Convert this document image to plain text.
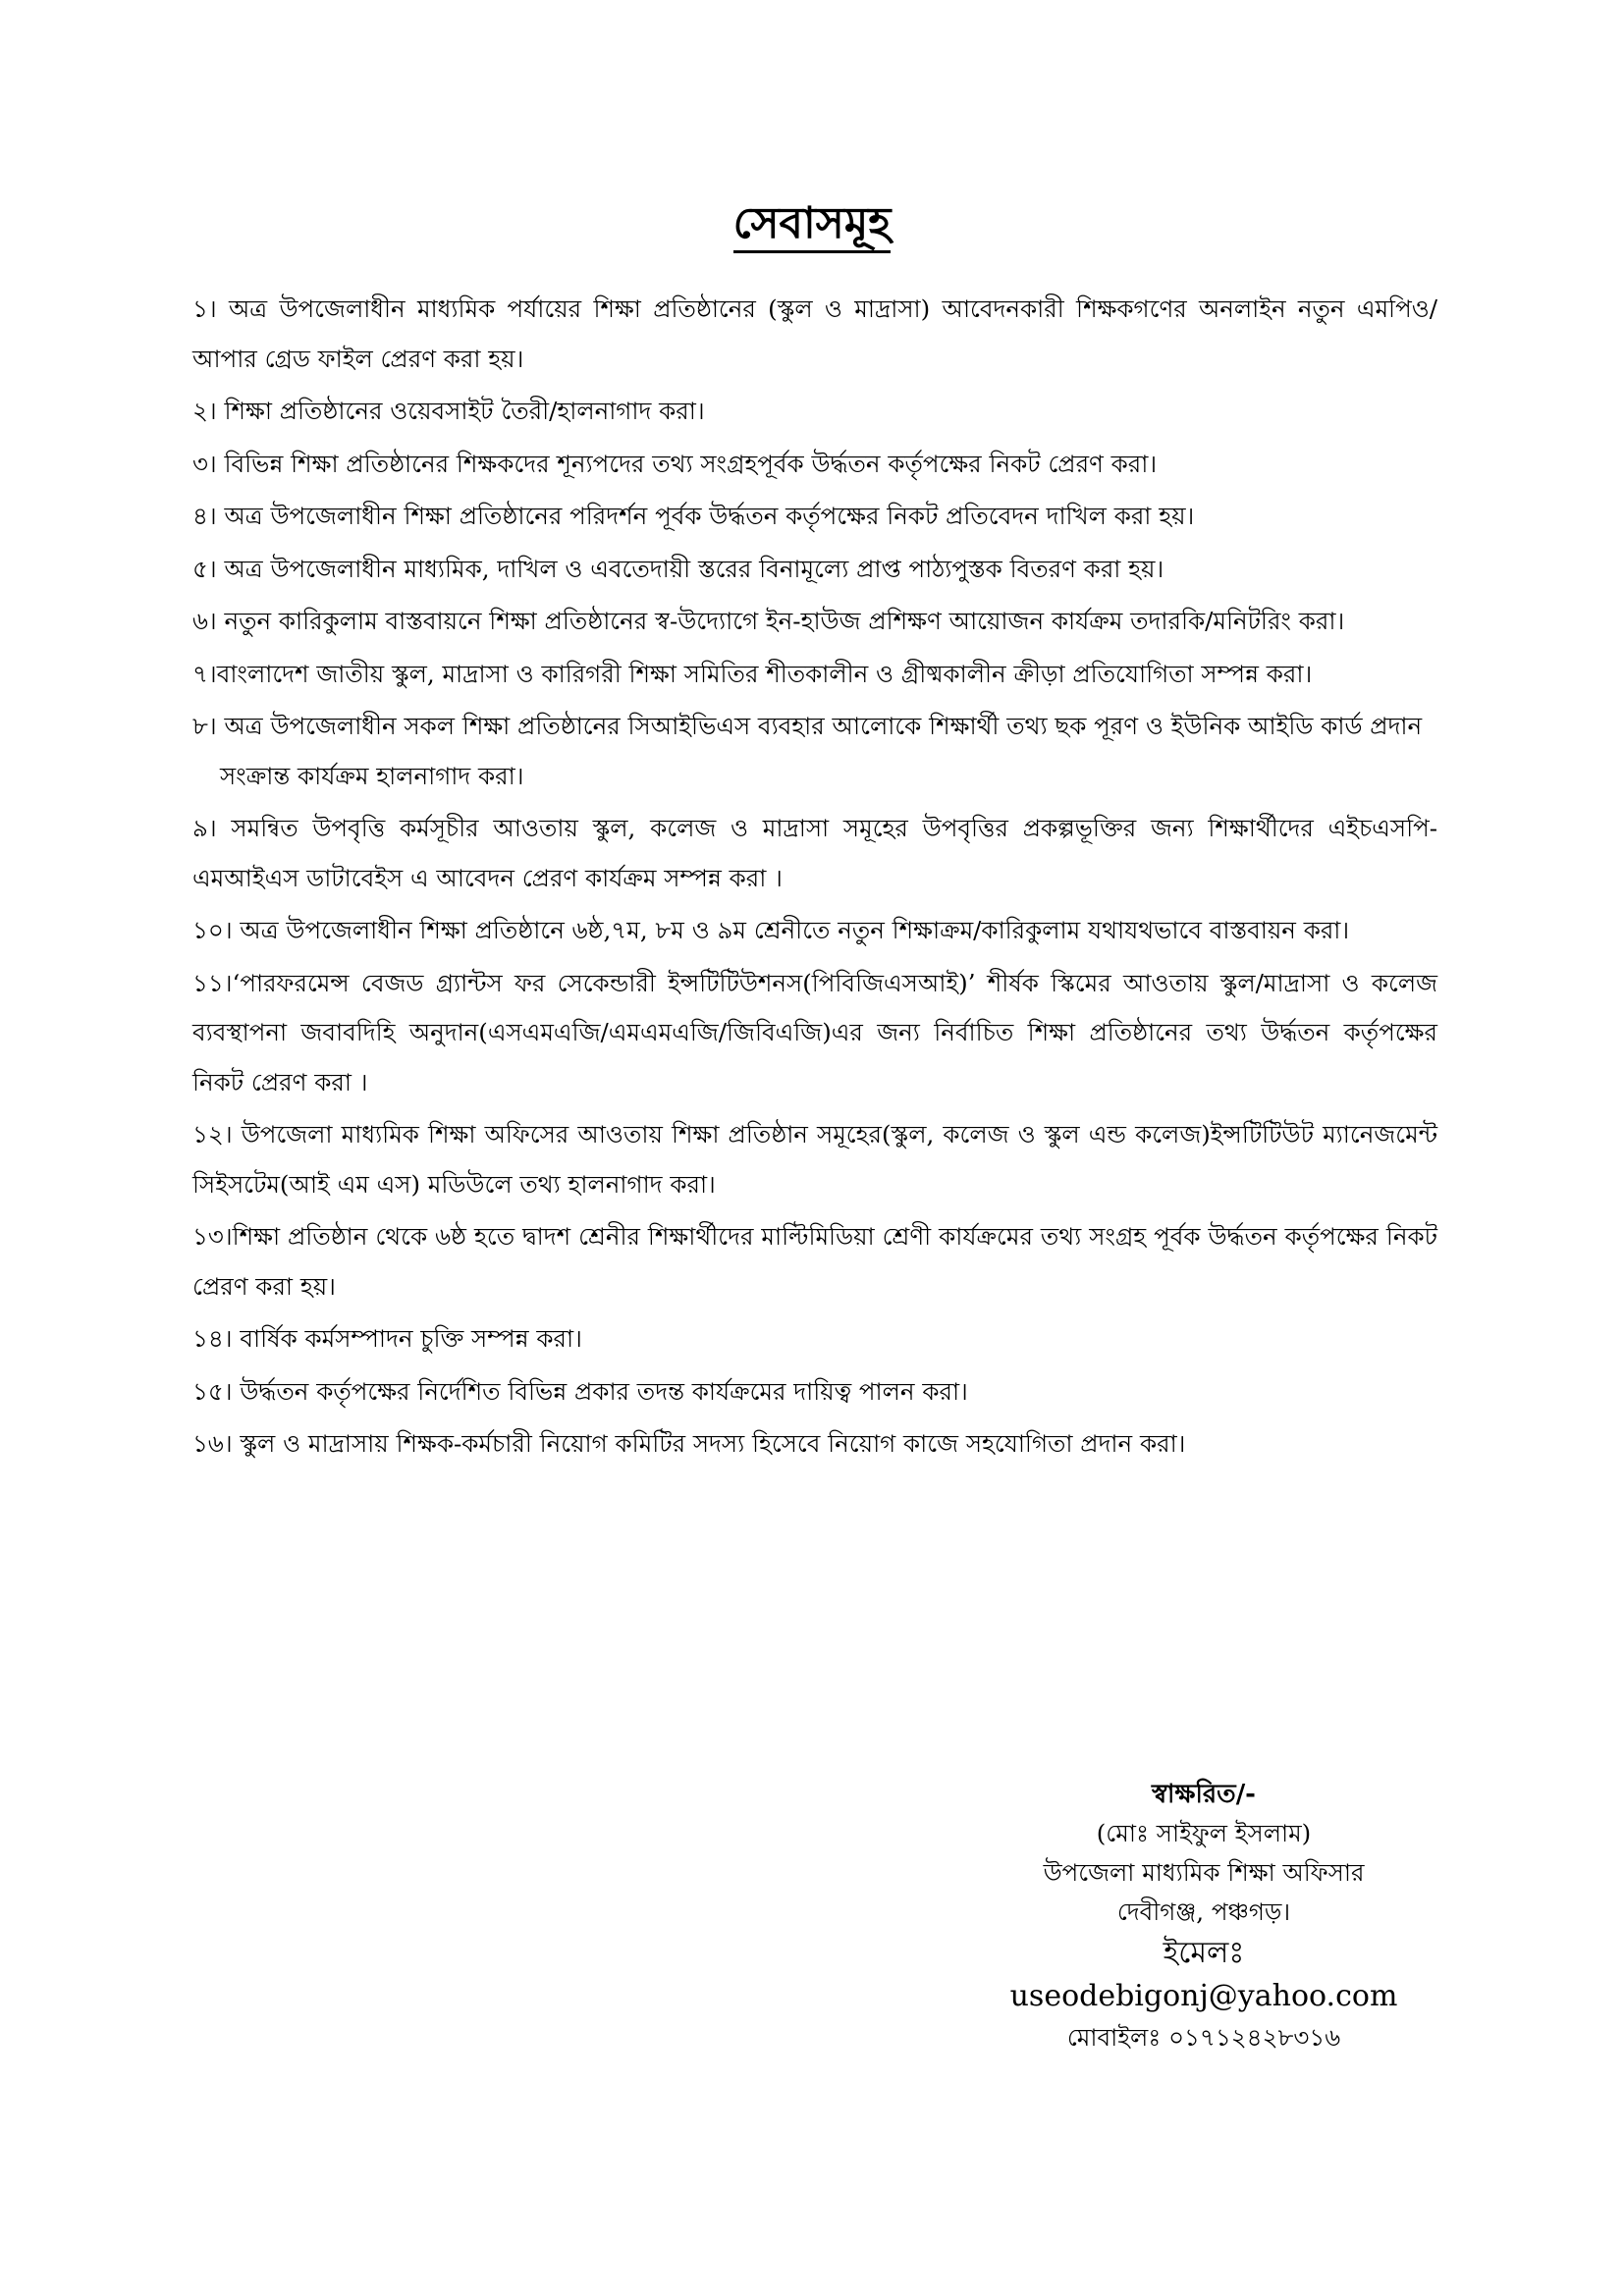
সেবাসমূহ

১। অত্র উপজেলাধীন মাধ্যমিক পর্যায়ের শিক্ষা প্রতিষ্ঠানের (স্কুল ও মাদ্রাসা) আবেদনকারী শিক্ষকগণের অনলাইন নতুন এমপিও/আপার গ্রেড ফাইল প্রেরণ করা হয়।

২। শিক্ষা প্রতিষ্ঠানের ওয়েবসাইট তৈরী/হালনাগাদ করা।

৩। বিভিন্ন শিক্ষা প্রতিষ্ঠানের শিক্ষকদের শূন্যপদের তথ্য সংগ্রহপূর্বক উর্দ্ধতন কর্তৃপক্ষের নিকট প্রেরণ করা।

৪। অত্র উপজেলাধীন শিক্ষা প্রতিষ্ঠানের পরিদর্শন পূর্বক উর্দ্ধতন কর্তৃপক্ষের নিকট প্রতিবেদন দাখিল করা হয়।

৫। অত্র উপজেলাধীন মাধ্যমিক, দাখিল ও এবতেদায়ী স্তরের বিনামূল্যে প্রাপ্ত পাঠ্যপুস্তক বিতরণ করা হয়।

৬। নতুন কারিকুলাম বাস্তবায়নে শিক্ষা প্রতিষ্ঠানের স্ব-উদ্যোগে ইন-হাউজ প্রশিক্ষণ আয়োজন কার্যক্রম তদারকি/মনিটরিং করা।

৭।বাংলাদেশ জাতীয় স্কুল, মাদ্রাসা ও কারিগরী শিক্ষা সমিতির শীতকালীন ও গ্রীষ্মকালীন ক্রীড়া প্রতিযোগিতা সম্পন্ন করা।

৮। অত্র উপজেলাধীন সকল শিক্ষা প্রতিষ্ঠানের সিআইভিএস ব্যবহার আলোকে শিক্ষার্থী তথ্য ছক পূরণ ও ইউনিক আইডি কার্ড প্রদান সংক্রান্ত কার্যক্রম হালনাগাদ করা।

৯। সমন্বিত উপবৃত্তি কর্মসূচীর আওতায় স্কুল, কলেজ ও মাদ্রাসা সমূহের উপবৃত্তির প্রকল্পভূক্তির জন্য শিক্ষার্থীদের এইচএসপি-এমআইএস ডাটাবেইস এ আবেদন প্রেরণ কার্যক্রম সম্পন্ন করা ।

১০। অত্র উপজেলাধীন শিক্ষা প্রতিষ্ঠানে ৬ষ্ঠ,৭ম, ৮ম ও ৯ম শ্রেনীতে নতুন শিক্ষাক্রম/কারিকুলাম যথাযথভাবে বাস্তবায়ন করা।

১১।‘পারফরমেন্স বেজড গ্র্যান্টস ফর সেকেন্ডারী ইন্সটিটিউশনস(পিবিজিএসআই)’ শীর্ষক স্কিমের আওতায় স্কুল/মাদ্রাসা ও কলেজ ব্যবস্থাপনা জবাবদিহি অনুদান(এসএমএজি/এমএমএজি/জিবিএজি)এর জন্য নির্বাচিত শিক্ষা প্রতিষ্ঠানের তথ্য উর্দ্ধতন কর্তৃপক্ষের নিকট প্রেরণ করা ।

১২। উপজেলা মাধ্যমিক শিক্ষা অফিসের আওতায় শিক্ষা প্রতিষ্ঠান সমূহের(স্কুল, কলেজ ও স্কুল এন্ড কলেজ)ইন্সটিটিউট ম্যানেজমেন্ট সিইসটেম(আই এম এস) মডিউলে তথ্য হালনাগাদ করা।

১৩।শিক্ষা প্রতিষ্ঠান থেকে ৬ষ্ঠ হতে দ্বাদশ শ্রেনীর শিক্ষার্থীদের মাল্টিমিডিয়া শ্রেণী কার্যক্রমের তথ্য সংগ্রহ পূর্বক উর্দ্ধতন কর্তৃপক্ষের নিকট প্রেরণ করা হয়।

১৪। বার্ষিক কর্মসম্পাদন চুক্তি সম্পন্ন করা।

১৫। উর্দ্ধতন কর্তৃপক্ষের নির্দেশিত বিভিন্ন প্রকার তদন্ত কার্যক্রমের দায়িত্ব পালন করা।

১৬। স্কুল ও মাদ্রাসায় শিক্ষক-কর্মচারী নিয়োগ কমিটির সদস্য হিসেবে নিয়োগ কাজে সহযোগিতা প্রদান করা।

স্বাক্ষরিত/-
(মোঃ সাইফুল ইসলাম)
উপজেলা মাধ্যমিক শিক্ষা অফিসার
দেবীগঞ্জ, পঞ্চগড়।
ইমেলঃ useodebigonj@yahoo.com
মোবাইলঃ ০১৭১২৪২৮৩১৬
